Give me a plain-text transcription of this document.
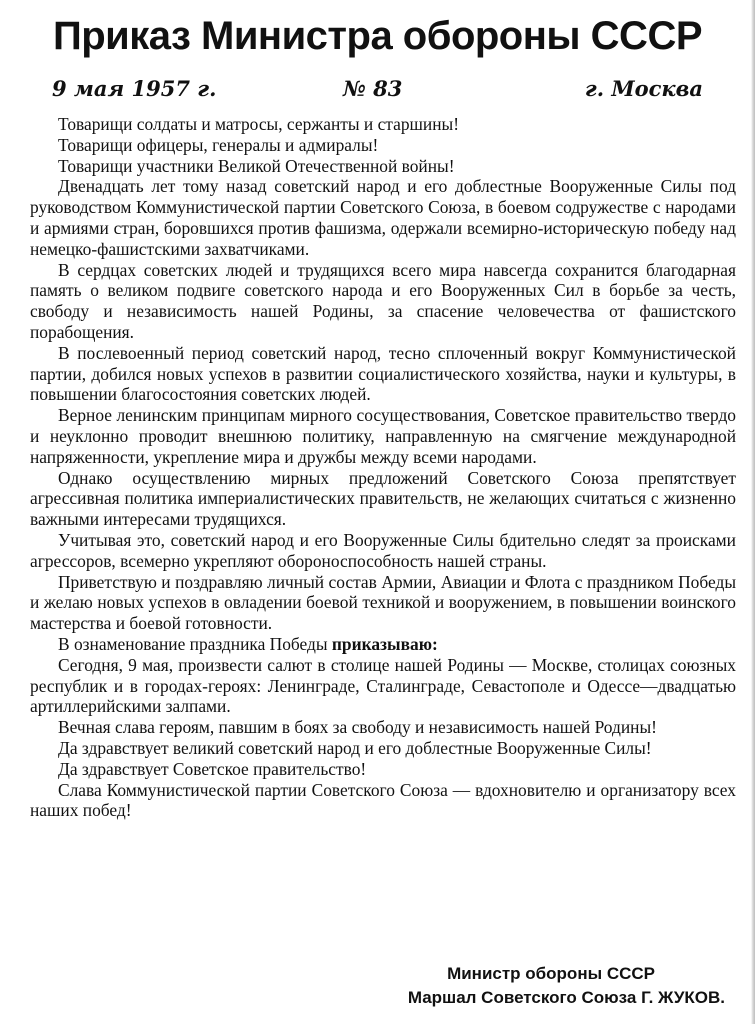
Приказ Министра обороны СССР
9 мая 1957 г.	№ 83	г. Москва

Товарищи солдаты и матросы, сержанты и старшины!

Товарищи офицеры, генералы и адмиралы!

Товарищи участники Великой Отечественной войны!

Двенадцать лет тому назад советский народ и его доблестные Вооруженные Силы под руководством Коммунистической партии Советского Союза, в боевом содружестве с народами и армиями стран, боровшихся против фашизма, одержали всемирно-историческую победу над немецко-фашистскими захватчиками.

В сердцах советских людей и трудящихся всего мира навсегда сохранится благодарная память о великом подвиге советского народа и его Вооруженных Сил в борьбе за честь, свободу и независимость нашей Родины, за спасение человечества от фашистского порабощения.

В послевоенный период советский народ, тесно сплоченный вокруг Коммунистической партии, добился новых успехов в развитии социалистического хозяйства, науки и культуры, в повышении благосостояния советских людей.

Верное ленинским принципам мирного сосуществования, Советское правительство твердо и неуклонно проводит внешнюю политику, направленную на смягчение международной напряженности, укрепление мира и дружбы между всеми народами.

Однако осуществлению мирных предложений Советского Союза препятствует агрессивная политика империалистических правительств, не желающих считаться с жизненно важными интересами трудящихся.

Учитывая это, советский народ и его Вооруженные Силы бдительно следят за происками агрессоров, всемерно укрепляют обороноспособность нашей страны.

Приветствую и поздравляю личный состав Армии, Авиации и Флота с праздником Победы и желаю новых успехов в овладении боевой техникой и вооружением, в повышении воинского мастерства и боевой готовности.

В ознаменование праздника Победы приказываю:

Сегодня, 9 мая, произвести салют в столице нашей Родины — Москве, столицах союзных республик и в городах-героях: Ленинграде, Сталинграде, Севастополе и Одессе—двадцатью артиллерийскими залпами.

Вечная слава героям, павшим в боях за свободу и независимость нашей Родины!

Да здравствует великий советский народ и его доблестные Вооруженные Силы!

Да здравствует Советское правительство!

Слава Коммунистической партии Советского Союза — вдохновителю и организатору всех наших побед!

Министр обороны СССР
Маршал Советского Союза Г. ЖУКОВ.
